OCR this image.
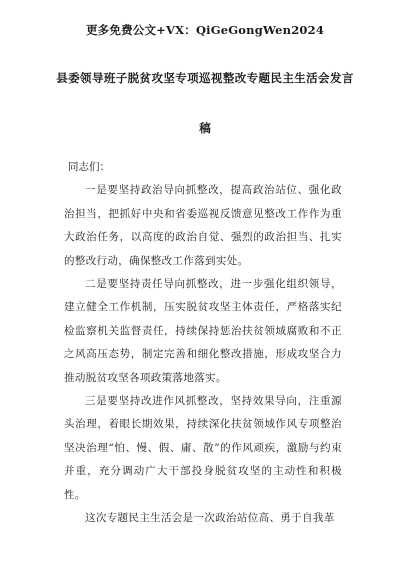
更多免费公文+VX：QiGeGongWen2024
县委领导班子脱贫攻坚专项巡视整改专题民主生活会发言
稿

同志们：

一是要坚持政治导向抓整改，提高政治站位、强化政治担当，把抓好中央和省委巡视反馈意见整改工作作为重大政治任务，以高度的政治自觉、强烈的政治担当、扎实的整改行动，确保整改工作落到实处。

二是要坚持责任导向抓整改，进一步强化组织领导，建立健全工作机制，压实脱贫攻坚主体责任，严格落实纪检监察机关监督责任，持续保持惩治扶贫领域腐败和不正之风高压态势，制定完善和细化整改措施，形成攻坚合力推动脱贫攻坚各项政策落地落实。

三是要坚持改进作风抓整改，坚持效果导向，注重源头治理，着眼长期效果，持续深化扶贫领域作风专项整治坚决治理“怕、慢、假、庸、散”的作风顽疾，激励与约束并重，充分调动广大干部投身脱贫攻坚的主动性和积极性。

这次专题民主生活会是一次政治站位高、勇于自我革
